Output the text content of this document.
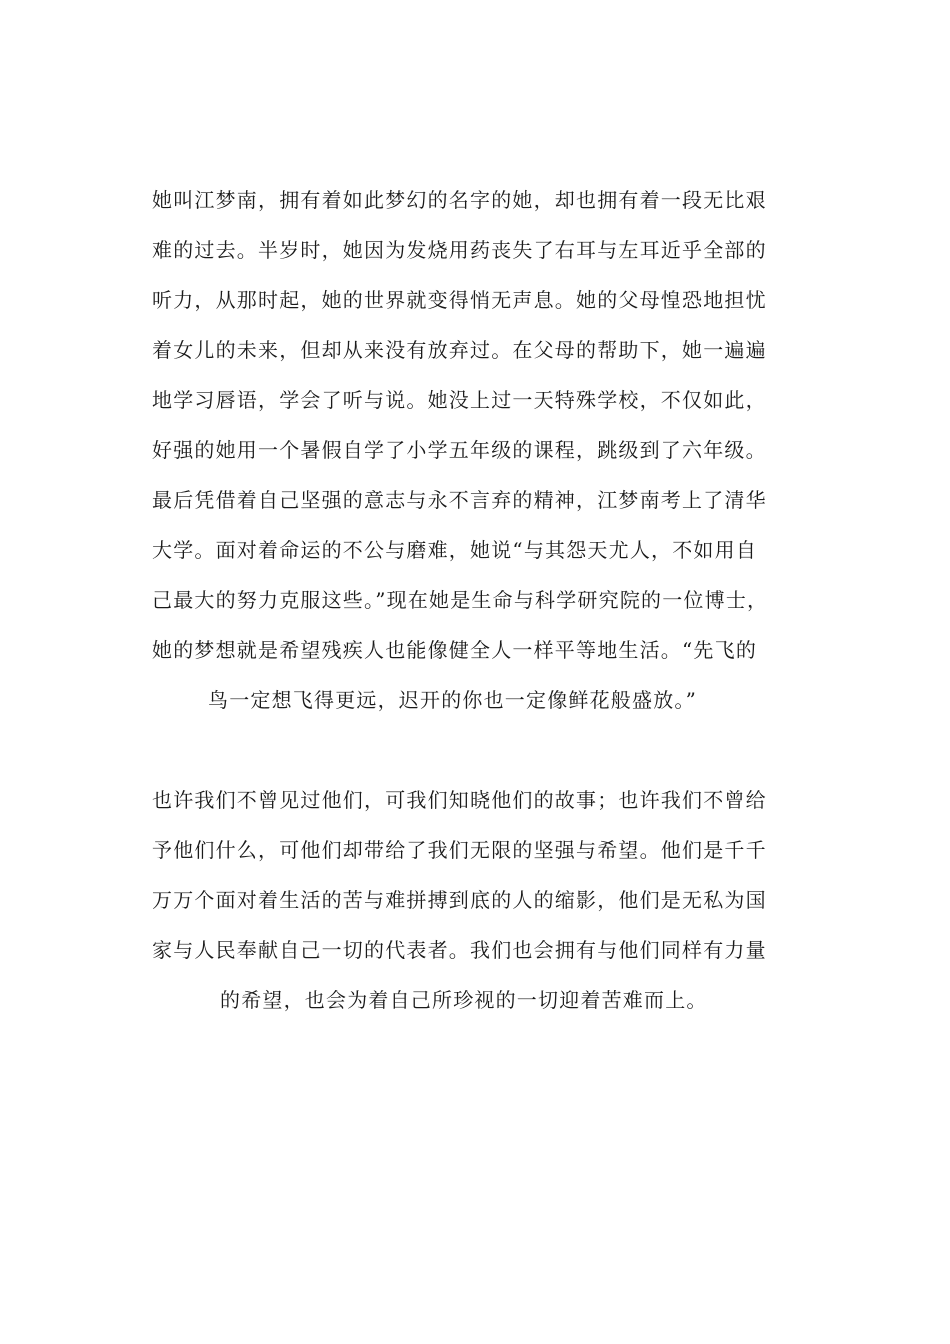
她叫江梦南，拥有着如此梦幻的名字的她，却也拥有着一段无比艰
难的过去。半岁时，她因为发烧用药丧失了右耳与左耳近乎全部的
听力，从那时起，她的世界就变得悄无声息。她的父母惶恐地担忧
着女儿的未来，但却从来没有放弃过。在父母的帮助下，她一遍遍
地学习唇语，学会了听与说。她没上过一天特殊学校，不仅如此，
好强的她用一个暑假自学了小学五年级的课程，跳级到了六年级。
最后凭借着自己坚强的意志与永不言弃的精神，江梦南考上了清华
大学。面对着命运的不公与磨难，她说“与其怨天尤人，不如用自
己最大的努力克服这些。”现在她是生命与科学研究院的一位博士，
她的梦想就是希望残疾人也能像健全人一样平等地生活。“先飞的
鸟一定想飞得更远，迟开的你也一定像鲜花般盛放。”
也许我们不曾见过他们，可我们知晓他们的故事；也许我们不曾给
予他们什么，可他们却带给了我们无限的坚强与希望。他们是千千
万万个面对着生活的苦与难拼搏到底的人的缩影，他们是无私为国
家与人民奉献自己一切的代表者。我们也会拥有与他们同样有力量
的希望，也会为着自己所珍视的一切迎着苦难而上。
